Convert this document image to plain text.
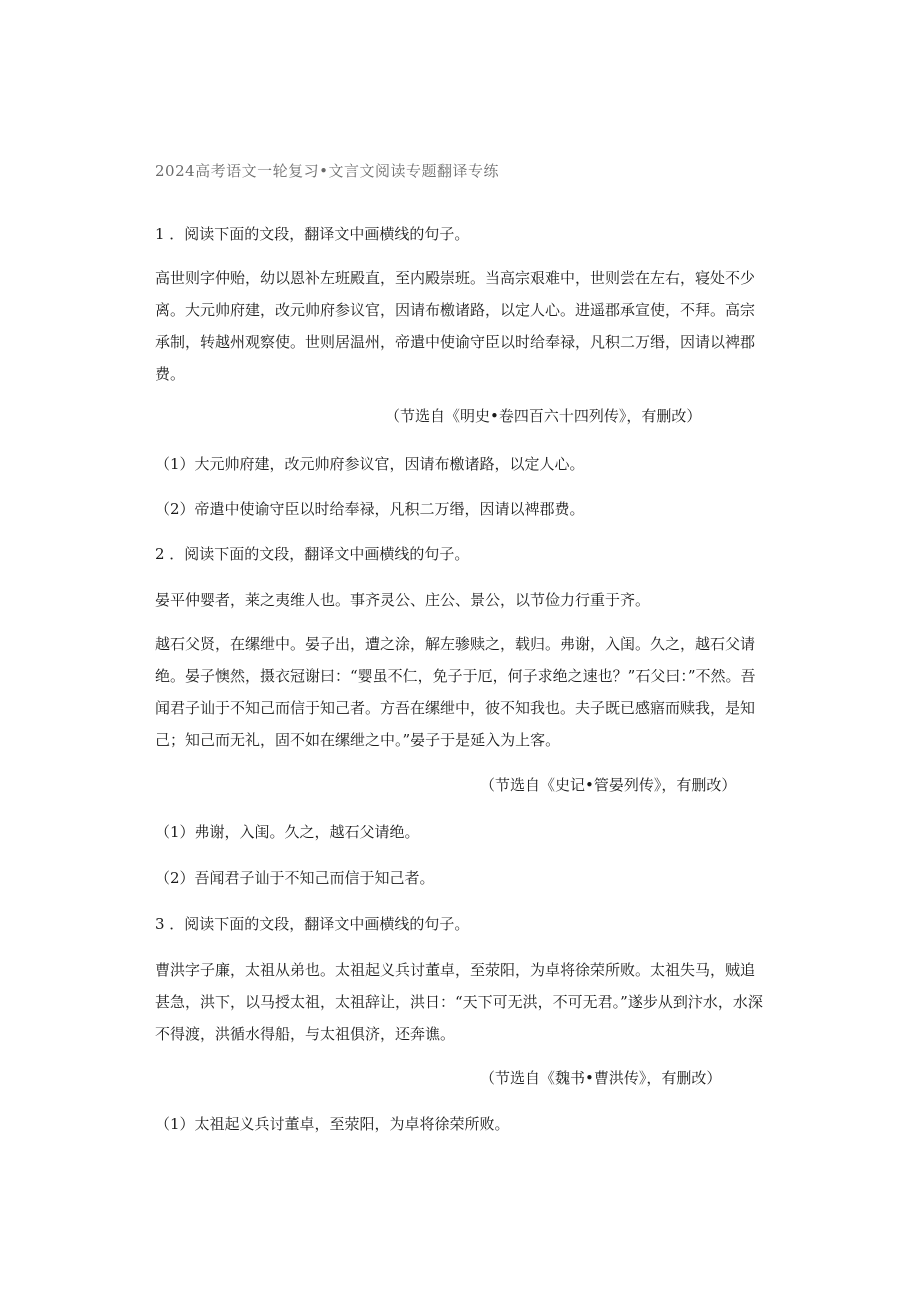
2024高考语文一轮复习•文言文阅读专题翻译专练
1 ．阅读下面的文段，翻译文中画横线的句子。
高世则字仲贻，幼以恩补左班殿直，至内殿崇班。当高宗艰难中，世则尝在左右，寝处不少离。大元帅府建，改元帅府参议官，因请布檄诸路，以定人心。进遥郡承宣使，不拜。高宗承制，转越州观察使。世则居温州，帝遣中使谕守臣以时给奉禄，凡积二万缗，因请以裨郡费。
（节选自《明史•卷四百六十四列传》，有删改）
（1）大元帅府建，改元帅府参议官，因请布檄诸路，以定人心。
（2）帝遣中使谕守臣以时给奉禄，凡积二万缗，因请以裨郡费。
2 ．阅读下面的文段，翻译文中画横线的句子。
晏平仲婴者，莱之夷维人也。事齐灵公、庄公、景公，以节俭力行重于齐。
越石父贤，在缧绁中。晏子出，遭之涂，解左骖赎之，载归。弗谢，入闺。久之，越石父请绝。晏子懊然，摄衣冠谢曰：“婴虽不仁，免子于厄，何子求绝之速也？”石父曰：”不然。吾闻君子讪于不知己而信于知己者。方吾在缧绁中，彼不知我也。夫子既已感寤而赎我，是知己；知己而无礼，固不如在缧绁之中。”晏子于是延入为上客。
（节选自《史记•管晏列传》，有删改）
（1）弗谢，入闺。久之，越石父请绝。
（2）吾闻君子讪于不知己而信于知己者。
3 ．阅读下面的文段，翻译文中画横线的句子。
曹洪字子廉，太祖从弟也。太祖起义兵讨董卓，至荥阳，为卓将徐荣所败。太祖失马，贼追甚急，洪下，以马授太祖，太祖辞让，洪日：“天下可无洪，不可无君。”遂步从到汴水，水深不得渡，洪循水得船，与太祖俱济，还奔谯。
（节选自《魏书•曹洪传》，有删改）
（1）太祖起义兵讨董卓，至荥阳，为卓将徐荣所败。
